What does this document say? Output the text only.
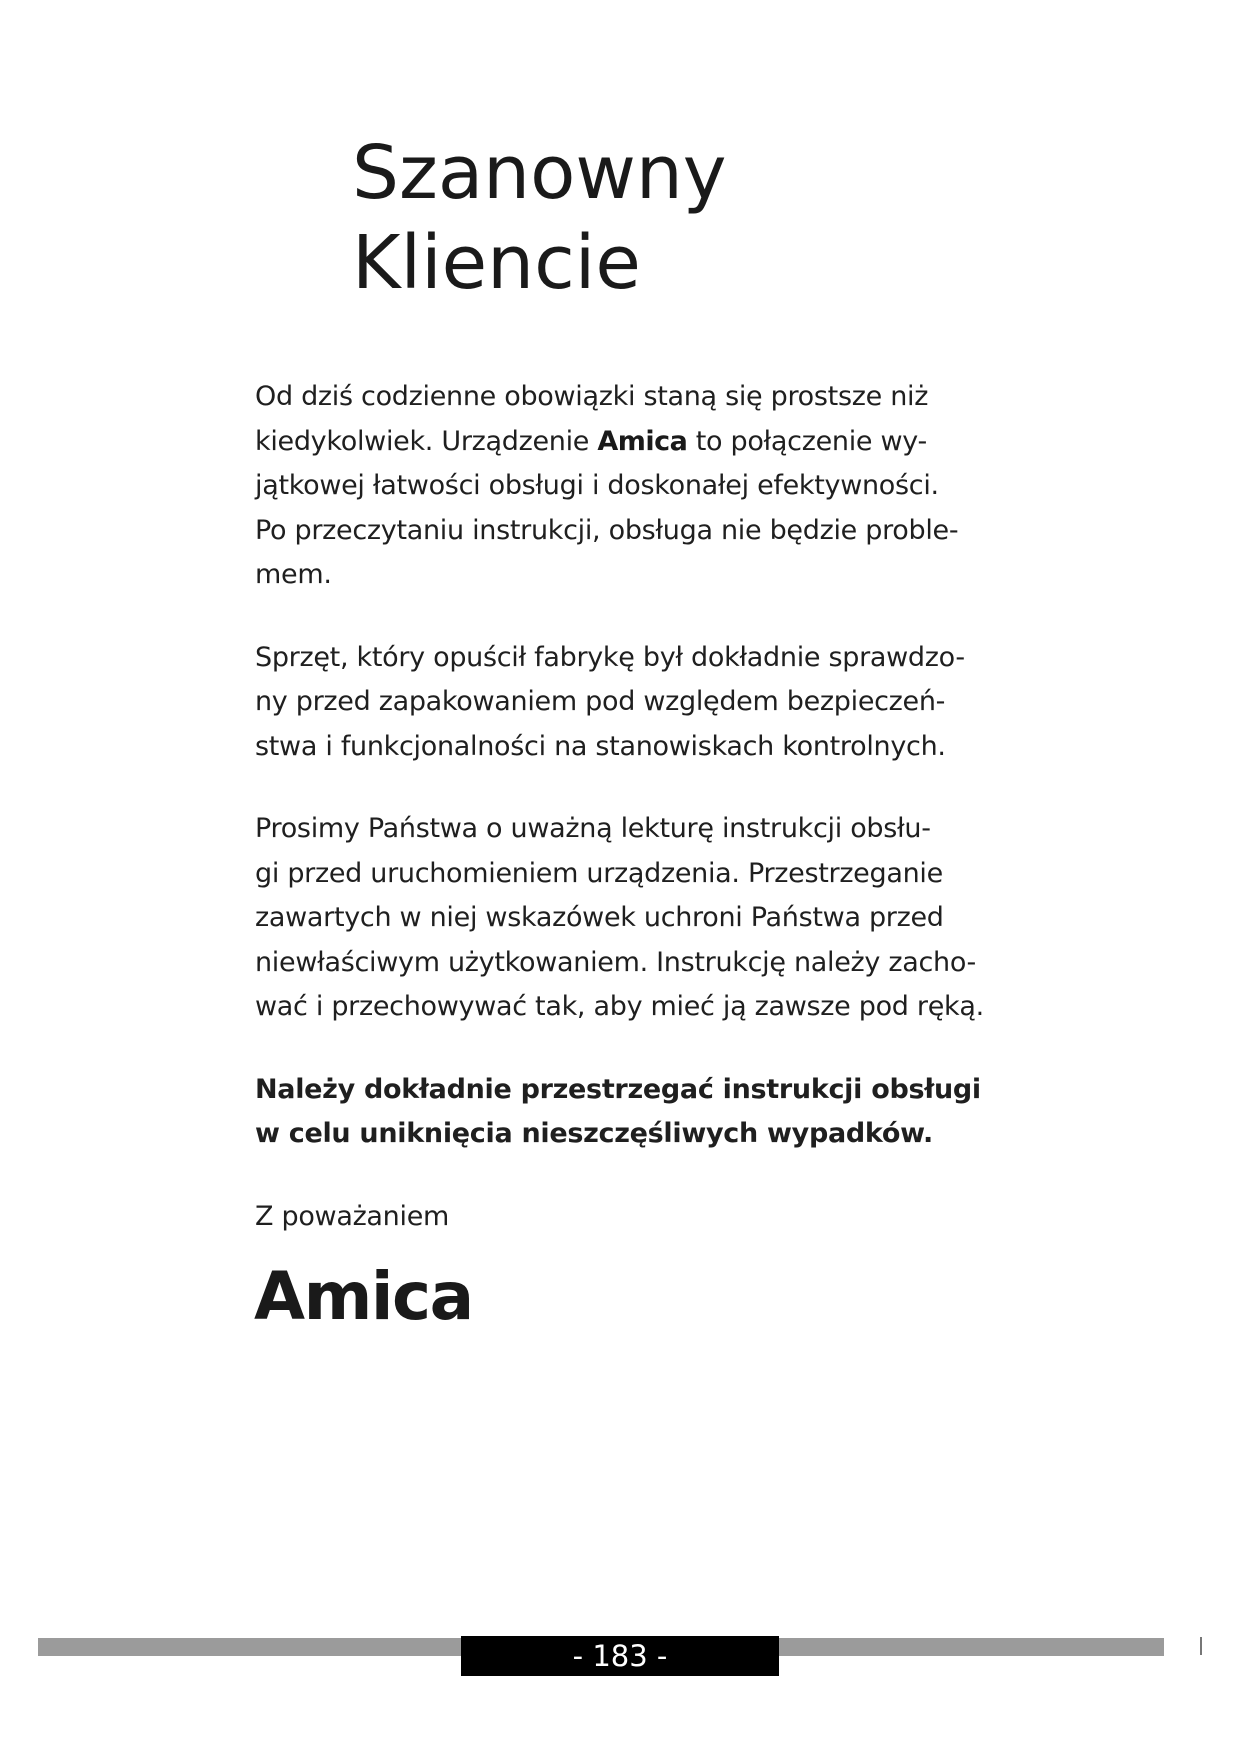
Szanowny
Kliencie

Od dziś codzienne obowiązki staną się prostsze niż
kiedykolwiek. Urządzenie Amica to połączenie wy-
jątkowej łatwości obsługi i doskonałej efektywności.
Po przeczytaniu instrukcji, obsługa nie będzie proble-
mem.

Sprzęt, który opuścił fabrykę był dokładnie sprawdzo-
ny przed zapakowaniem pod względem bezpieczeń-
stwa i funkcjonalności na stanowiskach kontrolnych.

Prosimy Państwa o uważną lekturę instrukcji obsłu-
gi przed uruchomieniem urządzenia. Przestrzeganie
zawartych w niej wskazówek uchroni Państwa przed
niewłaściwym użytkowaniem. Instrukcję należy zacho-
wać i przechowywać tak, aby mieć ją zawsze pod ręką.

Należy dokładnie przestrzegać instrukcji obsługi
w celu uniknięcia nieszczęśliwych wypadków.

Z poważaniem

Amica
- 183 -
